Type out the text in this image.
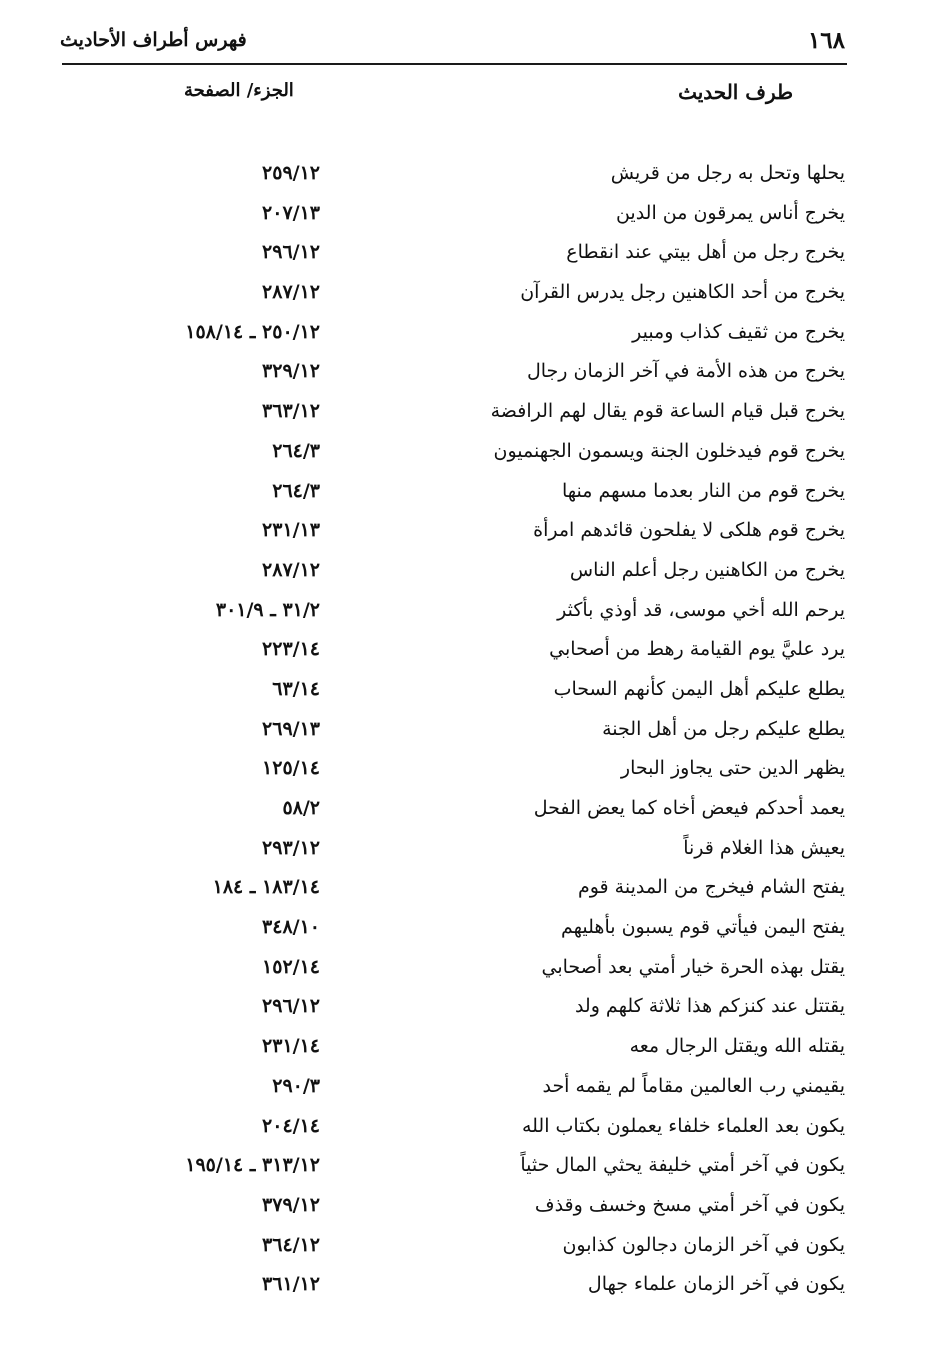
١٦٨
فهرس أطراف الأحاديث
طرف الحديث
الجزء/ الصفحة
يحلها وتحل به رجل من قريش
٢٥٩/١٢
يخرج أناس يمرقون من الدين
٢٠٧/١٣
يخرج رجل من أهل بيتي عند انقطاع
٢٩٦/١٢
يخرج من أحد الكاهنين رجل يدرس القرآن
٢٨٧/١٢
يخرج من ثقيف كذاب ومبير
٢٥٠/١٢ ـ ١٥٨/١٤
يخرج من هذه الأمة في آخر الزمان رجال
٣٢٩/١٢
يخرج قبل قيام الساعة قوم يقال لهم الرافضة
٣٦٣/١٢
يخرج قوم فيدخلون الجنة ويسمون الجهنميون
٢٦٤/٣
يخرج قوم من النار بعدما مسهم منها
٢٦٤/٣
يخرج قوم هلكى لا يفلحون قائدهم امرأة
٢٣١/١٣
يخرج من الكاهنين رجل أعلم الناس
٢٨٧/١٢
يرحم الله أخي موسى، قد أوذي بأكثر
٣١/٢ ـ ٣٠١/٩
يرد عليَّ يوم القيامة رهط من أصحابي
٢٢٣/١٤
يطلع عليكم أهل اليمن كأنهم السحاب
٦٣/١٤
يطلع عليكم رجل من أهل الجنة
٢٦٩/١٣
يظهر الدين حتى يجاوز البحار
١٢٥/١٤
يعمد أحدكم فيعض أخاه كما يعض الفحل
٥٨/٢
يعيش هذا الغلام قرناً
٢٩٣/١٢
يفتح الشام فيخرج من المدينة قوم
١٨٣/١٤ ـ ١٨٤
يفتح اليمن فيأتي قوم يسبون بأهليهم
٣٤٨/١٠
يقتل بهذه الحرة خيار أمتي بعد أصحابي
١٥٢/١٤
يقتتل عند كنزكم هذا ثلاثة كلهم ولد
٢٩٦/١٢
يقتله الله ويقتل الرجال معه
٢٣١/١٤
يقيمني رب العالمين مقاماً لم يقمه أحد
٢٩٠/٣
يكون بعد العلماء خلفاء يعملون بكتاب الله
٢٠٤/١٤
يكون في آخر أمتي خليفة يحثي المال حثياً
٣١٣/١٢ ـ ١٩٥/١٤
يكون في آخر أمتي مسخ وخسف وقذف
٣٧٩/١٢
يكون في آخر الزمان دجالون كذابون
٣٦٤/١٢
يكون في آخر الزمان علماء جهال
٣٦١/١٢
